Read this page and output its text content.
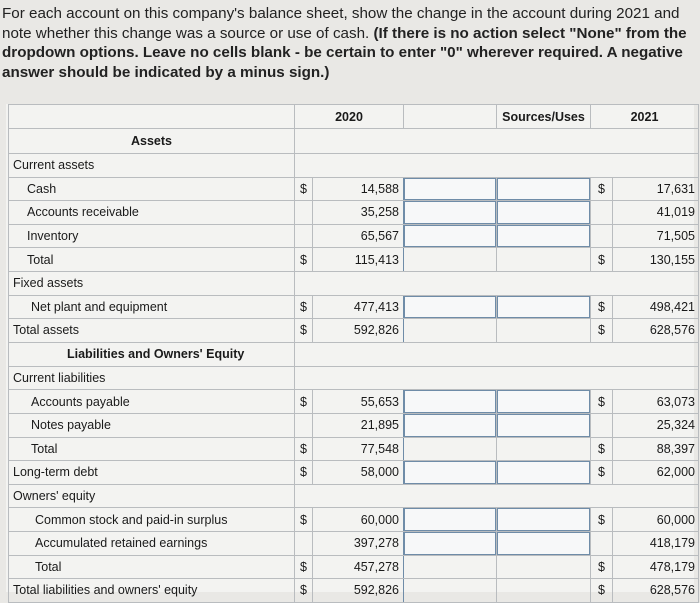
For each account on this company's balance sheet, show the change in the account during 2021 and note whether this change was a source or use of cash. (If there is no action select "None" from the dropdown options. Leave no cells blank - be certain to enter "0" wherever required. A negative answer should be indicated by a minus sign.)
	2020			Sources/Uses	2021	
Assets						
Current assets						
Cash	$	14,588			$	17,631
Accounts receivable		35,258				41,019
Inventory		65,567				71,505
Total	$	115,413			$	130,155
Fixed assets						
Net plant and equipment	$	477,413			$	498,421
Total assets	$	592,826			$	628,576
Liabilities and Owners' Equity						
Current liabilities						
Accounts payable	$	55,653			$	63,073
Notes payable		21,895				25,324
Total	$	77,548			$	88,397
Long-term debt	$	58,000			$	62,000
Owners' equity						
Common stock and paid-in surplus	$	60,000			$	60,000
Accumulated retained earnings		397,278				418,179
Total	$	457,278			$	478,179
Total liabilities and owners' equity	$	592,826			$	628,576
